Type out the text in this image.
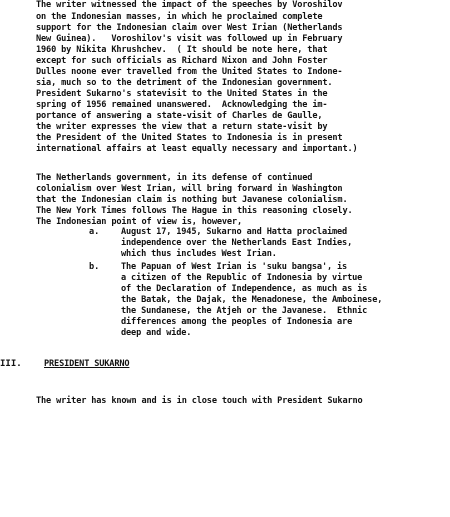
The writer witnessed the impact of the speeches by Voroshilov
on the Indonesian masses, in which he proclaimed complete
support for the Indonesian claim over West Irian (Netherlands
New Guinea).   Voroshilov's visit was followed up in February
1960 by Nikita Khrushchev.  ( It should be note here, that
except for such officials as Richard Nixon and John Foster
Dulles noone ever travelled from the United States to Indone-
sia, much so to the detriment of the Indonesian government.
President Sukarno's statevisit to the United States in the
spring of 1956 remained unanswered.  Acknowledging the im-
portance of answering a state-visit of Charles de Gaulle,
the writer expresses the view that a return state-visit by
the President of the United States to Indonesia is in present
international affairs at least equally necessary and important.)
The Netherlands government, in its defense of continued
colonialism over West Irian, will bring forward in Washington
that the Indonesian claim is nothing but Javanese colonialism.
The New York Times follows The Hague in this reasoning closely.
The Indonesian point of view is, however,
a.	August 17, 1945, Sukarno and Hatta proclaimed
independence over the Netherlands East Indies,
which thus includes West Irian.
b.	The Papuan of West Irian is 'suku bangsa', is
a citizen of the Republic of Indonesia by virtue
of the Declaration of Independence, as much as is
the Batak, the Dajak, the Menadonese, the Amboinese,
the Sundanese, the Atjeh or the Javanese.  Ethnic
differences among the peoples of Indonesia are
deep and wide.
III.	PRESIDENT SUKARNO
The writer has known and is in close touch with President Sukarno
